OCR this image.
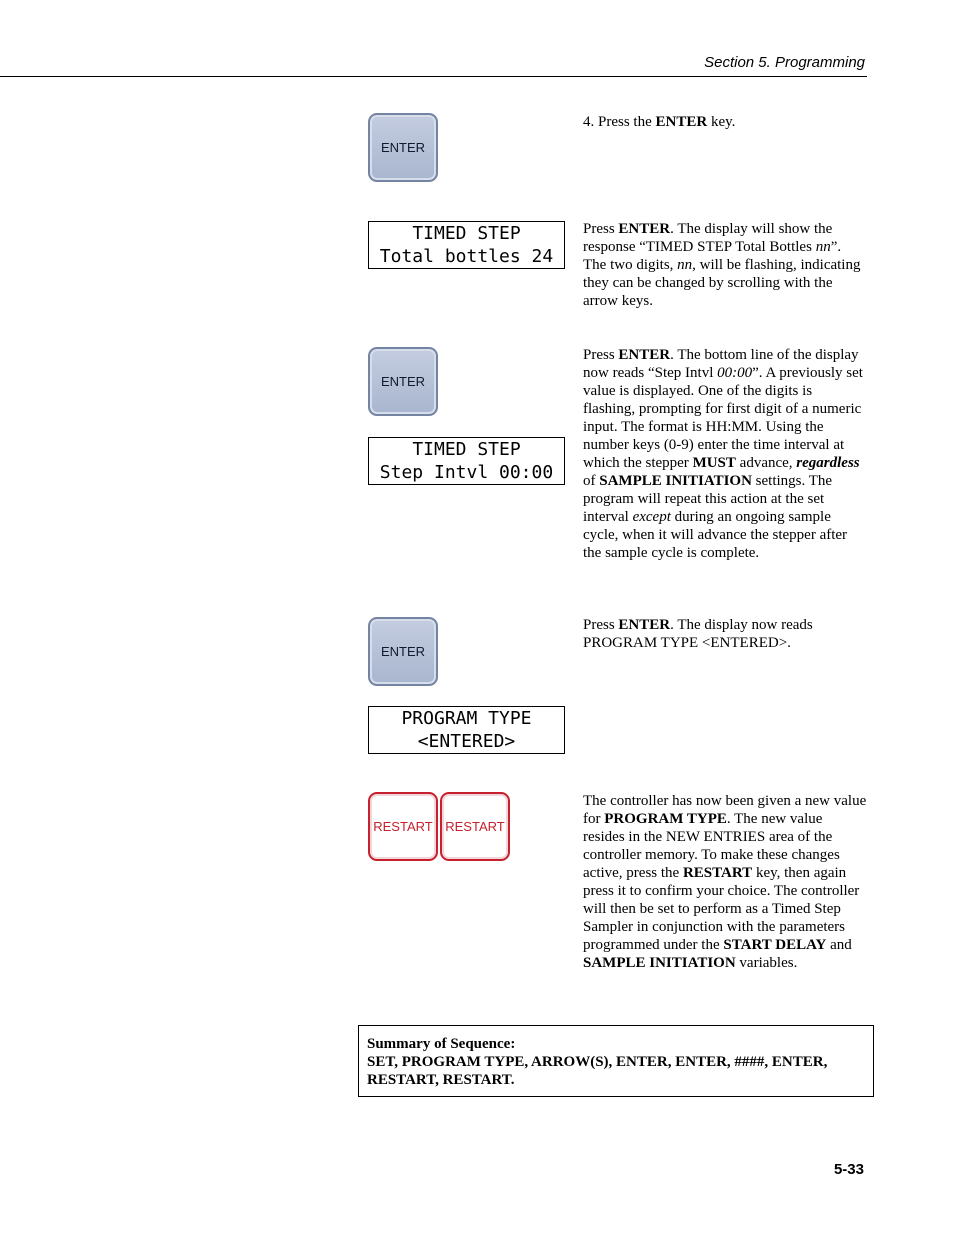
Section 5. Programming
ENTER
4. Press the ENTER key.
TIMED STEP
Total bottles 24
Press ENTER. The display will show the response “TIMED STEP Total Bottles nn”. The two digits, nn, will be flashing, indicating they can be changed by scrolling with the arrow keys.
ENTER
TIMED STEP
Step Intvl 00:00
Press ENTER. The bottom line of the display now reads “Step Intvl 00:00”. A previously set value is displayed. One of the digits is flashing, prompting for first digit of a numeric input. The format is HH:MM. Using the number keys (0-9) enter the time interval at which the stepper MUST advance, regardless of SAMPLE INITIATION settings. The program will repeat this action at the set interval except during an ongoing sample cycle, when it will advance the stepper after the sample cycle is complete.
ENTER
PROGRAM TYPE
<ENTERED>
Press ENTER. The display now reads PROGRAM TYPE <ENTERED>.
RESTART RESTART
The controller has now been given a new value for PROGRAM TYPE. The new value resides in the NEW ENTRIES area of the controller memory. To make these changes active, press the RESTART key, then again press it to confirm your choice. The controller will then be set to perform as a Timed Step Sampler in conjunction with the parameters programmed under the START DELAY and SAMPLE INITIATION variables.
Summary of Sequence:
SET, PROGRAM TYPE, ARROW(S), ENTER, ENTER, ####, ENTER, RESTART, RESTART.
5-33
